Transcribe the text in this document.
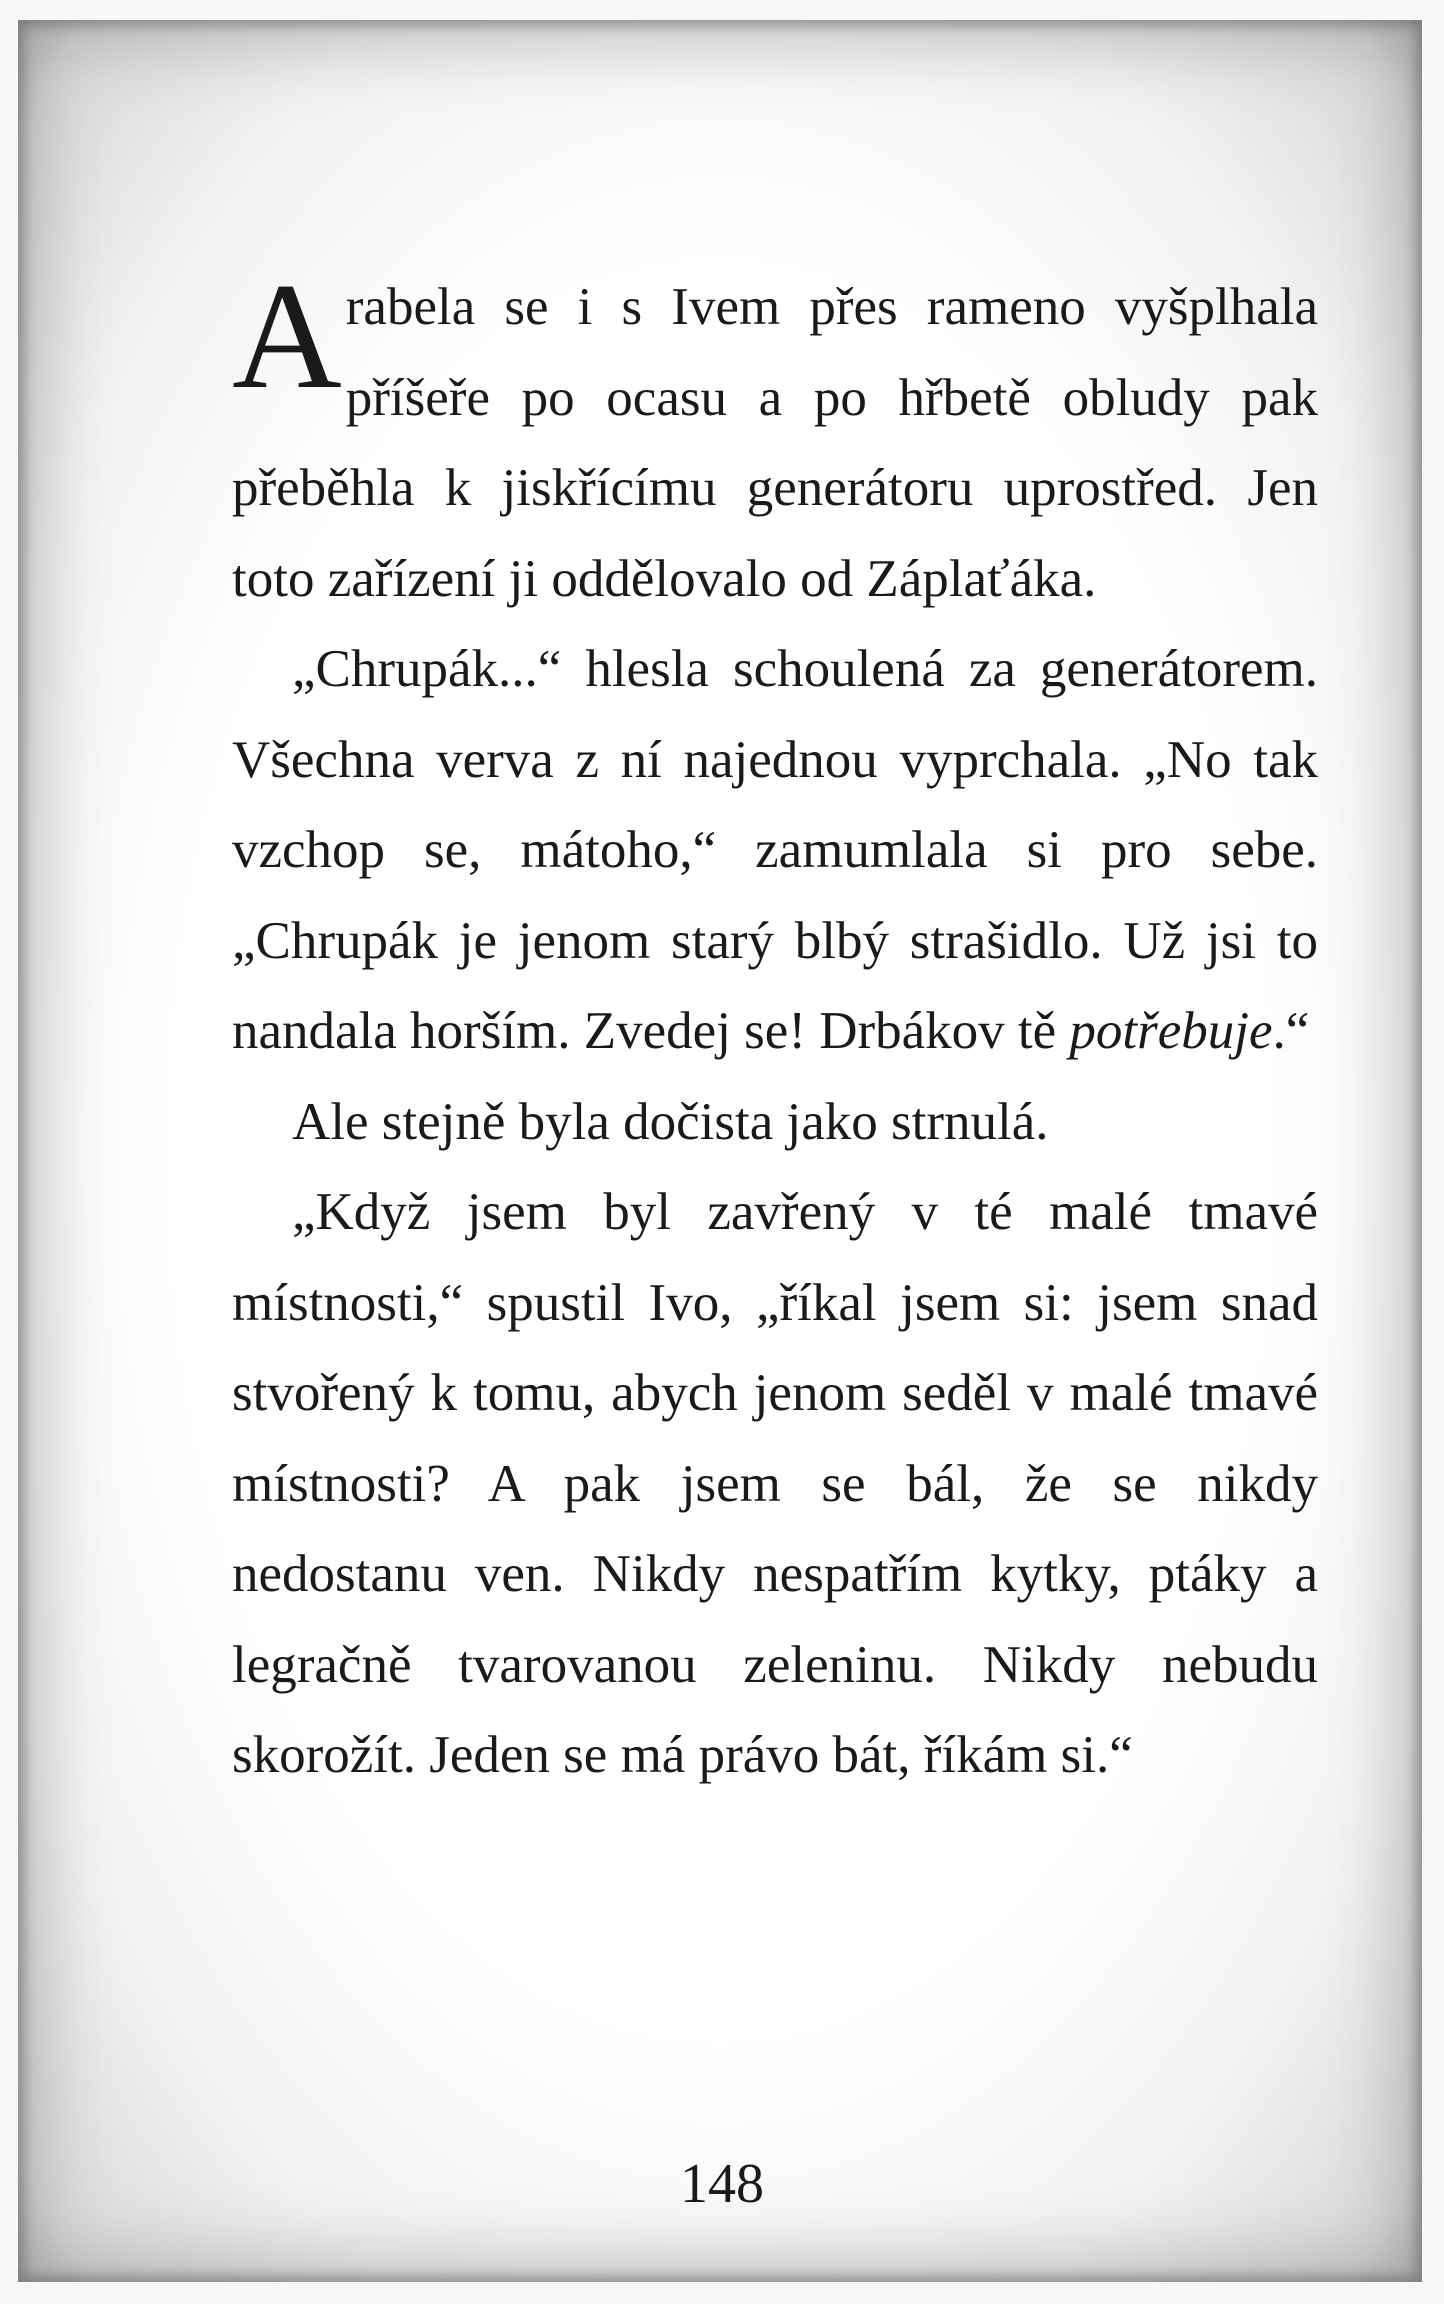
Arabela se i s Ivem přes rameno vyšplhala příšeře po ocasu a po hřbetě obludy pak přeběhla k jiskřícímu generátoru uprostřed. Jen toto zařízení ji oddělovalo od Záplaťáka.

„Chrupák...“ hlesla schoulená za generátorem. Všechna verva z ní najednou vyprchala. „No tak vzchop se, mátoho,“ zamumlala si pro sebe. „Chrupák je jenom starý blbý strašidlo. Už jsi to nandala horším. Zvedej se! Drbákov tě potřebuje.“

Ale stejně byla dočista jako strnulá.

„Když jsem byl zavřený v té malé tmavé místnosti,“ spustil Ivo, „říkal jsem si: jsem snad stvořený k tomu, abych jenom seděl v malé tmavé místnosti? A pak jsem se bál, že se nikdy nedostanu ven. Nikdy nespatřím kytky, ptáky a legračně tvarovanou zeleninu. Nikdy nebudu skorožít. Jeden se má právo bát, říkám si.“

148
